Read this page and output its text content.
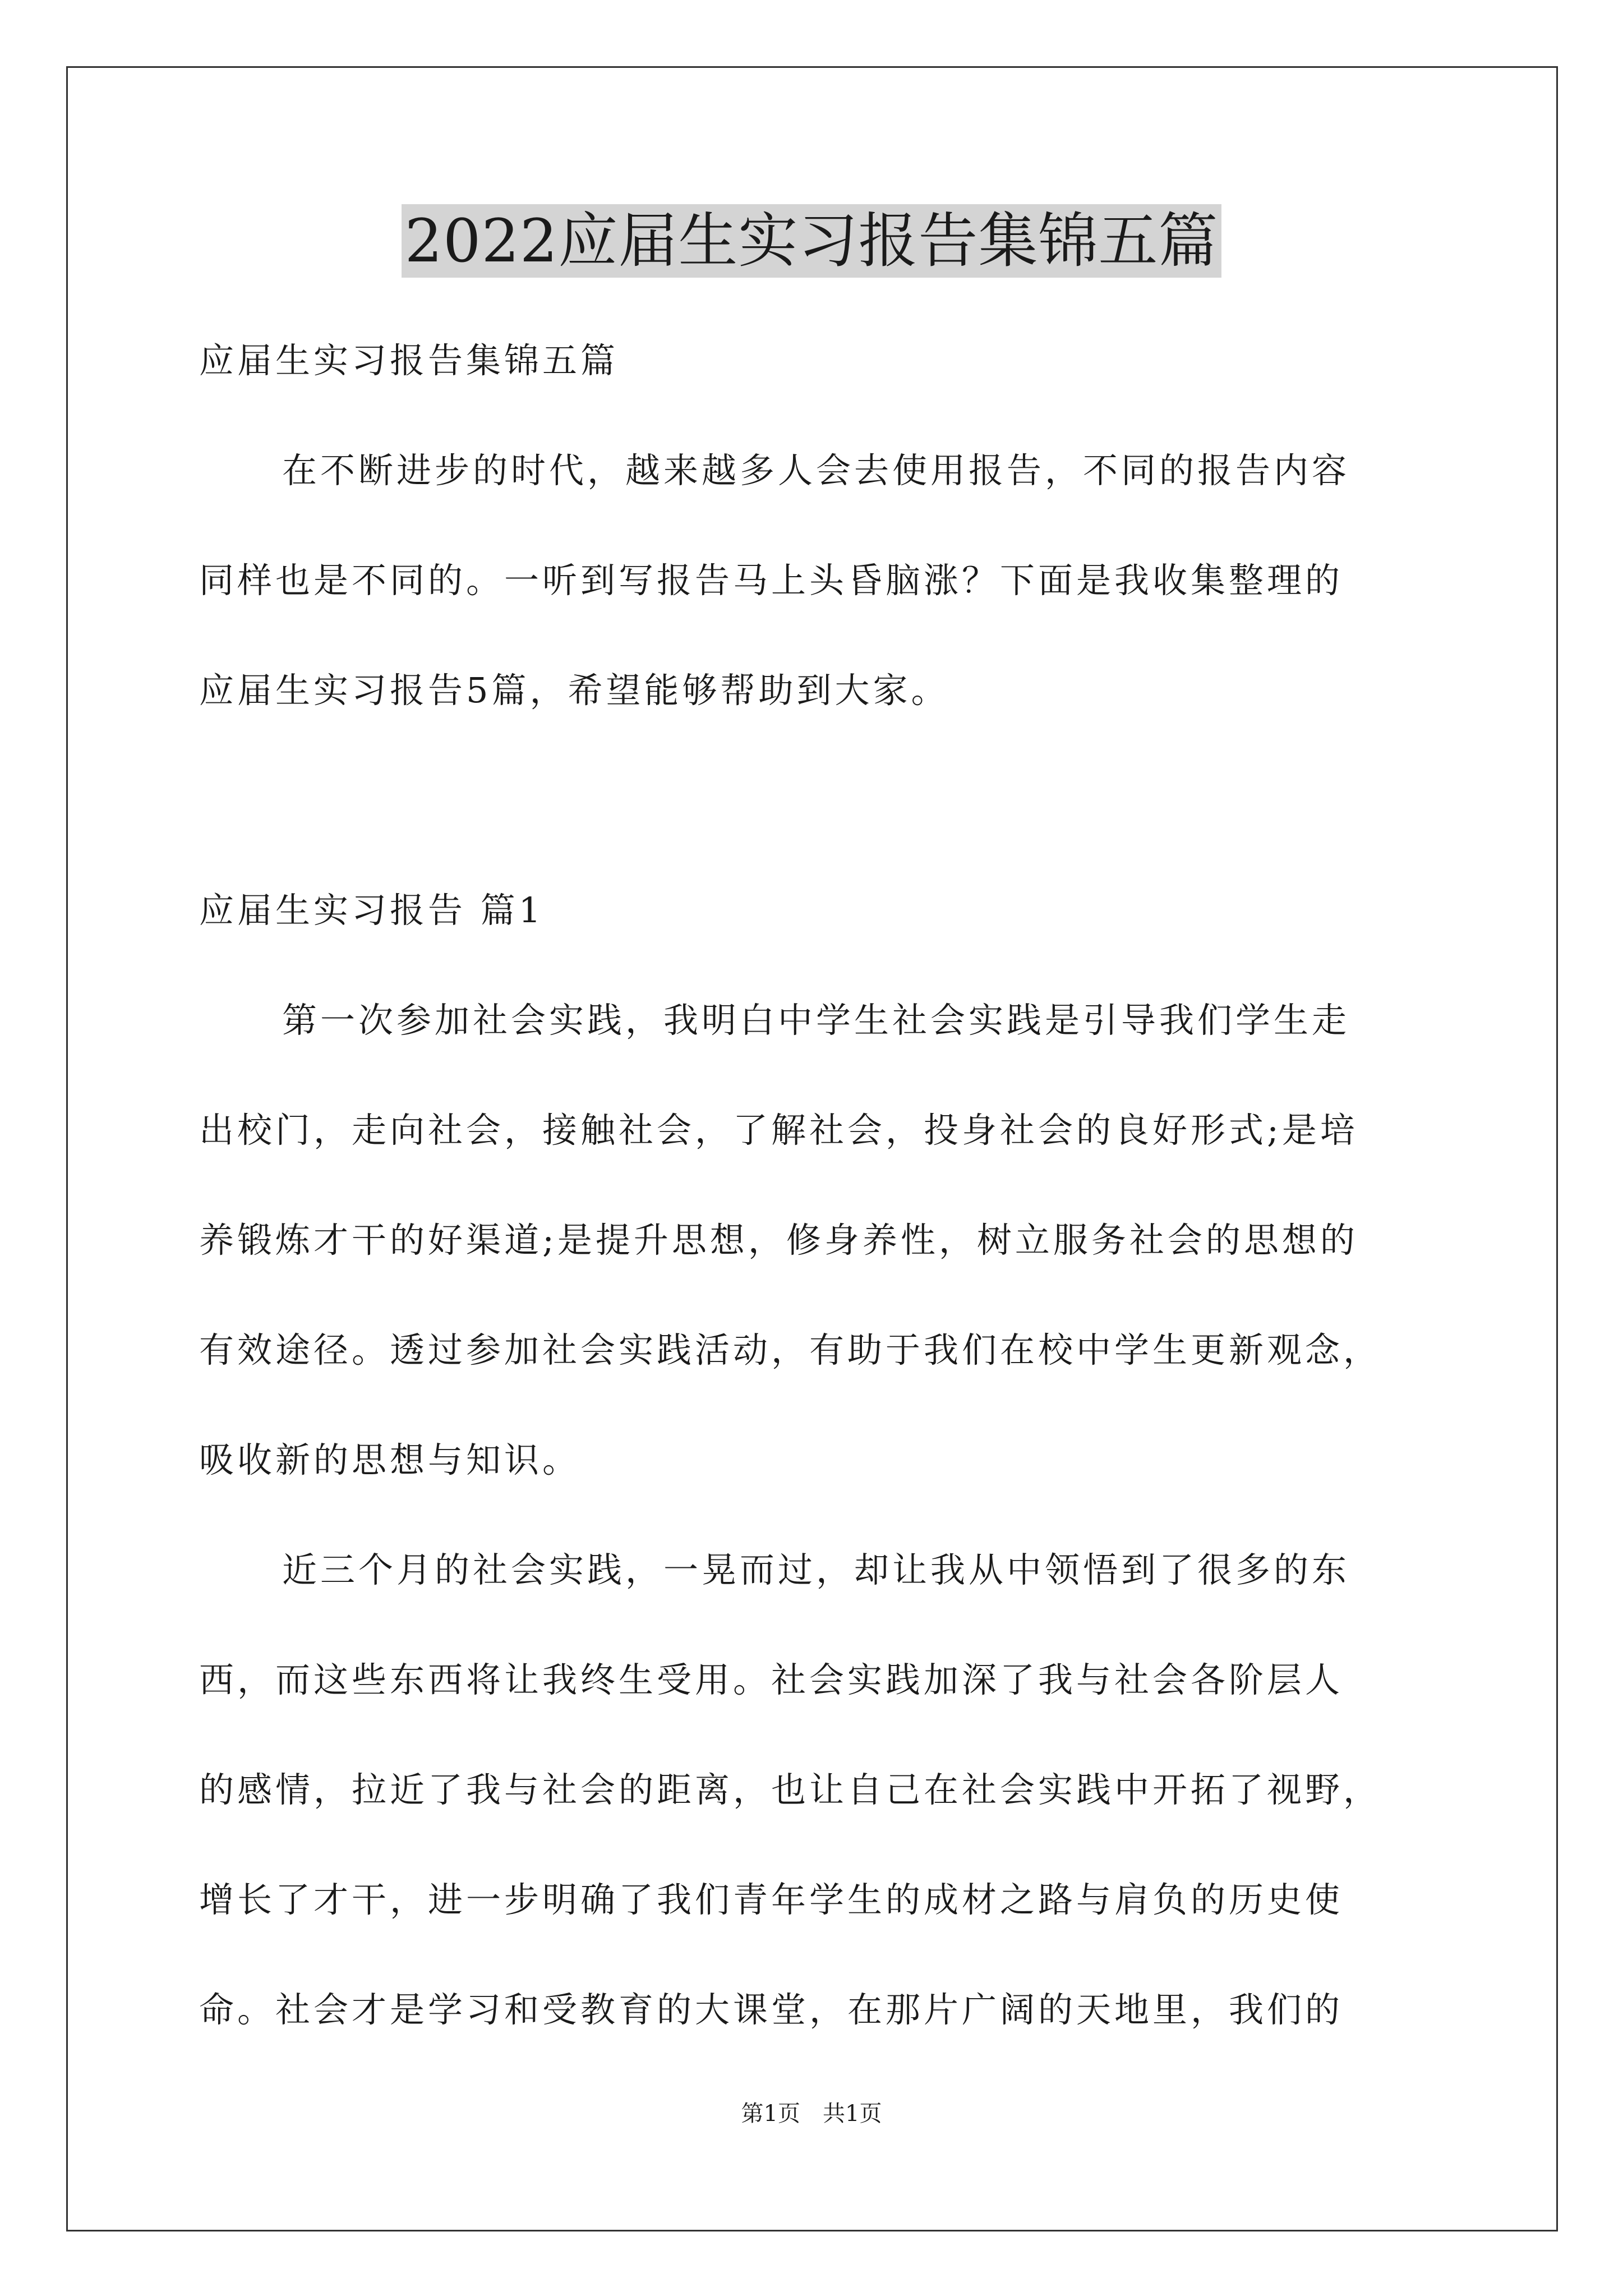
2022应届生实习报告集锦五篇
应届生实习报告集锦五篇
在不断进步的时代，越来越多人会去使用报告，不同的报告内容
同样也是不同的。一听到写报告马上头昏脑涨？下面是我收集整理的
应届生实习报告5篇，希望能够帮助到大家。
应届生实习报告 篇1
第一次参加社会实践，我明白中学生社会实践是引导我们学生走
出校门，走向社会，接触社会，了解社会，投身社会的良好形式;是培
养锻炼才干的好渠道;是提升思想，修身养性，树立服务社会的思想的
有效途径。透过参加社会实践活动，有助于我们在校中学生更新观念，
吸收新的思想与知识。
近三个月的社会实践，一晃而过，却让我从中领悟到了很多的东
西，而这些东西将让我终生受用。社会实践加深了我与社会各阶层人
的感情，拉近了我与社会的距离，也让自己在社会实践中开拓了视野，
增长了才干，进一步明确了我们青年学生的成材之路与肩负的历史使
命。社会才是学习和受教育的大课堂，在那片广阔的天地里，我们的
第1页 共1页
